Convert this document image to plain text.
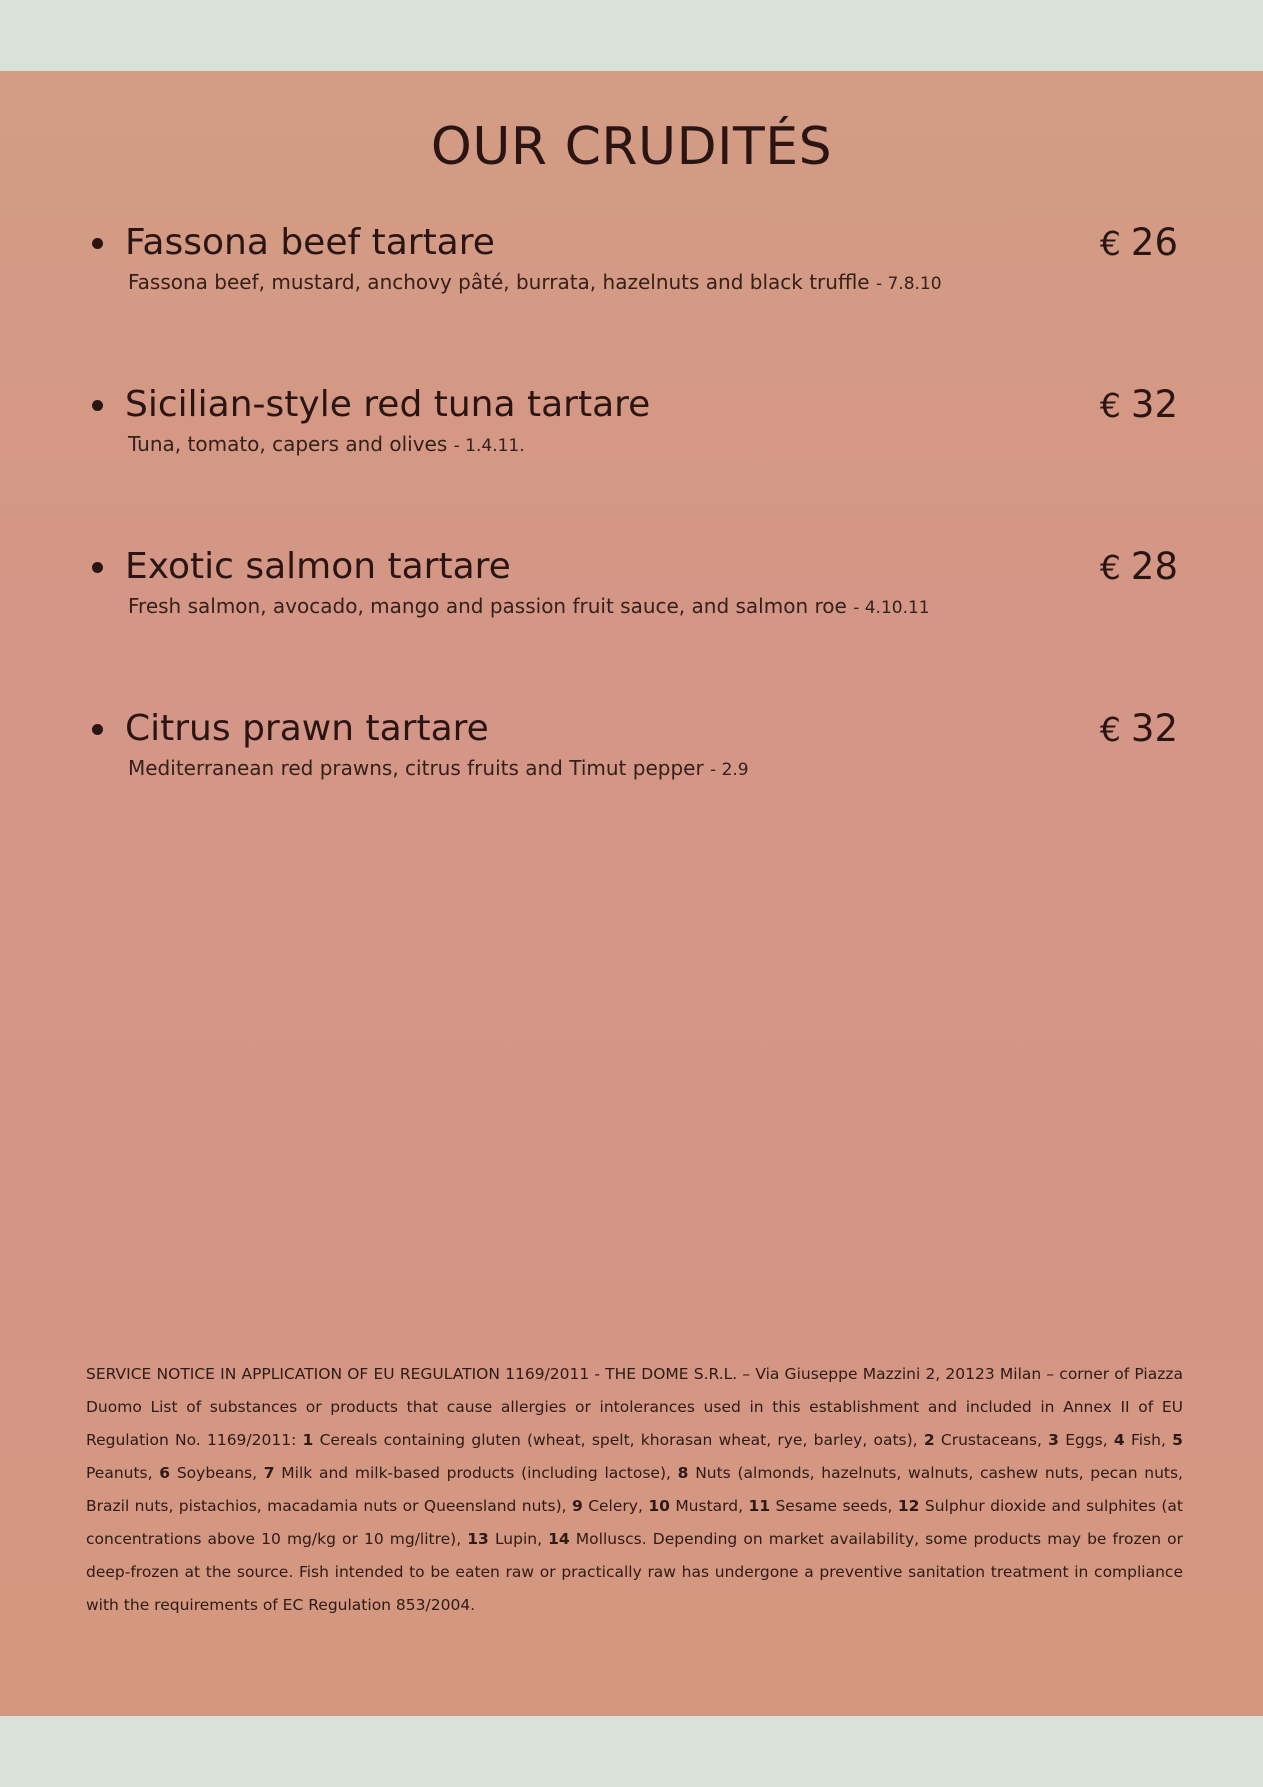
OUR CRUDITÉS
Fassona beef tartare	€ 26
Fassona beef, mustard, anchovy pâté, burrata, hazelnuts and black truffle - 7.8.10
Sicilian-style red tuna tartare	€ 32
Tuna, tomato, capers and olives - 1.4.11.
Exotic salmon tartare	€ 28
Fresh salmon, avocado, mango and passion fruit sauce, and salmon roe - 4.10.11
Citrus prawn tartare	€ 32
Mediterranean red prawns, citrus fruits and Timut pepper - 2.9
SERVICE NOTICE IN APPLICATION OF EU REGULATION 1169/2011 - THE DOME S.R.L. – Via Giuseppe Mazzini 2, 20123 Milan – corner of Piazza Duomo List of substances or products that cause allergies or intolerances used in this establishment and included in Annex II of EU Regulation No. 1169/2011: 1 Cereals containing gluten (wheat, spelt, khorasan wheat, rye, barley, oats), 2 Crustaceans, 3 Eggs, 4 Fish, 5 Peanuts, 6 Soybeans, 7 Milk and milk-based products (including lactose), 8 Nuts (almonds, hazelnuts, walnuts, cashew nuts, pecan nuts, Brazil nuts, pistachios, macadamia nuts or Queensland nuts), 9 Celery, 10 Mustard, 11 Sesame seeds, 12 Sulphur dioxide and sulphites (at concentrations above 10 mg/kg or 10 mg/litre), 13 Lupin, 14 Molluscs. Depending on market availability, some products may be frozen or deep-frozen at the source. Fish intended to be eaten raw or practically raw has undergone a preventive sanitation treatment in compliance with the requirements of EC Regulation 853/2004.
